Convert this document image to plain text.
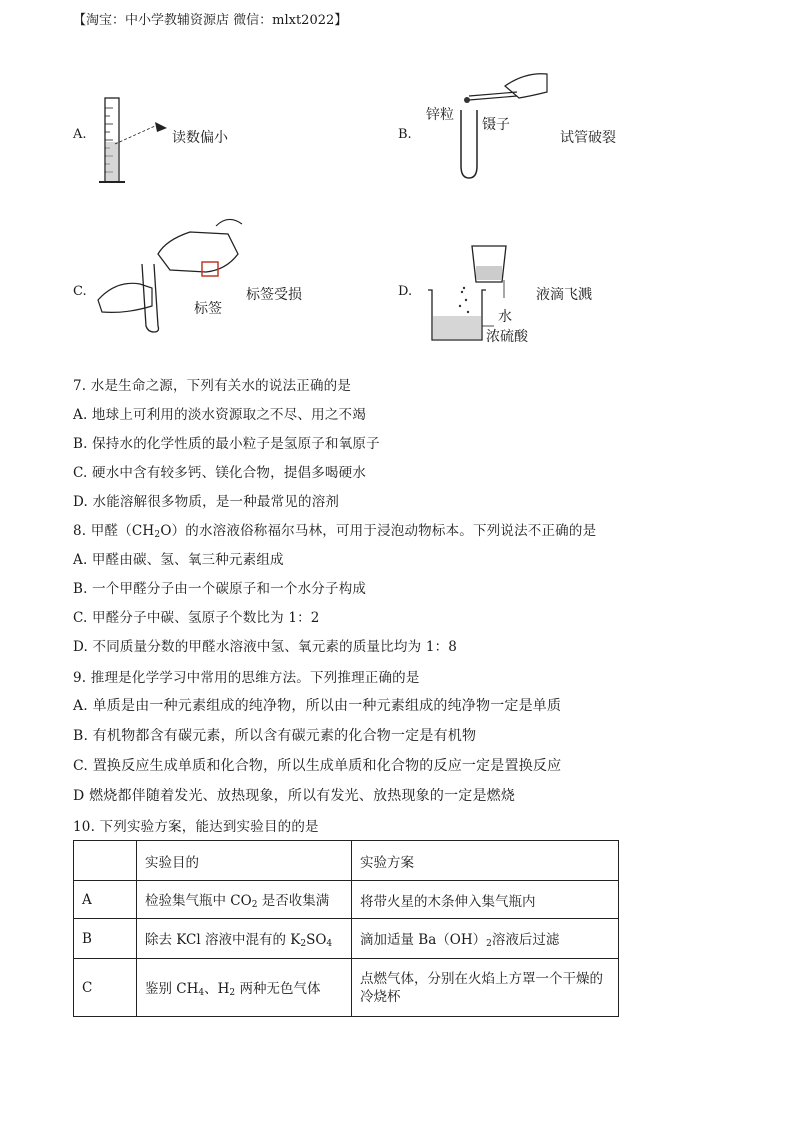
【淘宝：中小学教辅资源店 微信：mlxt2022】
A.	读数偏小	B.
锌粒
镊子
试管破裂
C.
标签
标签受损	D.
水
浓硫酸
液滴飞溅
7. 水是生命之源，下列有关水的说法正确的是
A. 地球上可利用的淡水资源取之不尽、用之不竭
B. 保持水的化学性质的最小粒子是氢原子和氧原子
C. 硬水中含有较多钙、镁化合物，提倡多喝硬水
D. 水能溶解很多物质，是一种最常见的溶剂
8. 甲醛$(CH_2O)$的水溶液俗称福尔马林，可用于浸泡动物标本。下列说法不正确的是
A. 甲醛由碳、氢、氧三种元素组成
B. 一个甲醛分子由一个碳原子和一个水分子构成
C. 甲醛分子中碳、氢原子个数比为 1：2
D. 不同质量分数的甲醛水溶液中氢、氧元素的质量比均为 1：8
9. 推理是化学学习中常用的思维方法。下列推理正确的是
A. 单质是由一种元素组成的纯净物，所以由一种元素组成的纯净物一定是单质
B. 有机物都含有碳元素，所以含有碳元素的化合物一定是有机物
C. 置换反应生成单质和化合物，所以生成单质和化合物的反应一定是置换反应
D 燃烧都伴随着发光、放热现象，所以有发光、放热现象的一定是燃烧
10. 下列实验方案，能达到实验目的的是
	实验目的	实验方案
A	检验集气瓶中 $CO_2$ 是否收集满	将带火星的木条伸入集气瓶内
B	除去 KCl 溶液中混有的 $K_2SO_4$	滴加适量 $Ba(OH)_2$溶液后过滤
C	鉴别 $CH_4$、$H_2$ 两种无色气体	点燃气体，分别在火焰上方罩一个干燥的冷烧杯
